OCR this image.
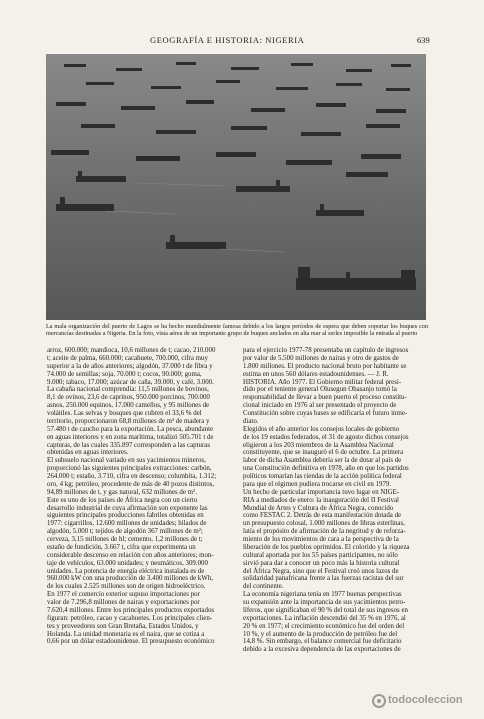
GEOGRAFÍA E HISTORIA: NIGERIA	639
La mala organización del puerto de Lagos se ha hecho mundialmente famosa debido a los largos períodos de espera que deben soportar los buques con mercancías destinadas a Nigeria. En la foto, vista aérea de un importante grupo de buques anclados en alta mar al serles imposible la entrada al puerto

arroz, 600.000; mandioca, 10,6 millones de t; cacao, 210.000

t; aceite de palma, 660.000; cacahuete, 700.000, cifra muy

superior a la de años anteriores; algodón, 37.000 t de fibra y

74.000 de semillas; soja, 70.000 t; cocos, 90.000; goma,

9.000; tabaco, 17.000; azúcar de caña, 39.000, y café, 3.000.

La cabaña nacional comprendía: 11,5 millones de bovinos,

8,1 de ovinos, 23,6 de caprinos, 950.000 porcinos, 700.000

asnos, 250.000 equinos, 17.000 camellos, y 95 millones de

volátiles. Las selvas y bosques que cubren el 33,6 % del

territorio, proporcionaron 68,8 millones de m³ de madera y

57.480 t de caucho para la exportación. La pesca, abundante

en aguas interiores y en zona marítima, totalizó 505.701 t de

capturas, de las cuales 335.897 corresponden a las capturas

obtenidas en aguas interiores.

El subsuelo nacional variado en sus yacimientos mineros,

proporcionó las siguientes principales extracciones: carbón,

264.000 t; estaño, 3.710, cifra en descenso; columbita, 1.312;

oro, 4 kg; petróleo, procedente de más de 40 pozos distintos,

94,89 millones de t, y gas natural, 632 millones de m³.

Este es uno de los países de África negra con un cierto

desarrollo industrial de cuya afirmación son exponente las

siguientes principales producciones fabriles obtenidas en

1977: cigarrillos, 12.600 millones de unidades; hilados de

algodón, 5.000 t; tejidos de algodón 367 millones de m²;

cerveza, 3,15 millones de hl; cemento, 1,2 millones de t;

estaño de fundición, 3.667 t, cifra que experimenta un

considerable descenso en relación con años anteriores; mon-

taje de vehículos, 63.000 unidades; y neumáticos, 309.000

unidades. La potencia de energía eléctrica instalada es de

960.000 kW con una producción de 3.400 millones de kWh,

de los cuales 2.525 millones son de origen hidroeléctrico.

En 1977 el comercio exterior supuso importaciones por

valor de 7.296,8 millones de nairas y exportaciones por

7.620,4 millones. Entre los principales productos exportados

figuran: petróleo, cacao y cacahuetes. Los principales clien-

tes y proveedores son Gran Bretaña, Estados Unidos, y

Holanda. La unidad monetaria es el naira, que se cotiza a

0,66 por un dólar estadounidense. El presupuesto económico

para el ejercicio 1977-78 presentaba un capítulo de ingresos

por valor de 5.500 millones de nairas y otro de gastos de

1.800 millones. El producto nacional bruto por habitante se

estima en unos 560 dólares estadounidenses. — J. R.

HISTORIA. Año 1977. El Gobierno militar federal presi-

dido por el teniente general Olusegun Obasanjo tomó la

responsabilidad de llevar a buen puerto el proceso constitu-

cional iniciado en 1976 al ser presentado el proyecto de

Constitución sobre cuyas bases se edificaría el futuro inme-

diato.

Elegidos el año anterior los consejos locales de gobierno

de los 19 estados federados, el 31 de agosto dichos consejos

eligieron a los 203 miembros de la Asamblea Nacional

constituyente, que se inauguró el 6 de octubre. La primera

labor de dicha Asamblea debería ser la de dotar al país de

una Constitución definitiva en 1978, año en que los partidos

políticos tomarían las riendas de la acción política federal

para que el régimen pudiera trocarse en civil en 1979.

Un hecho de particular importancia tuvo lugar en NIGE-

RIA a mediados de enero: la inauguración del II Festival

Mundial de Artes y Cultura de África Negra, conocido

como FESTAC 2. Detrás de esta manifestación dotada de

un presupuesto colosal, 1.000 millones de libras esterlinas,

latía el propósito de afirmación de la negritud y de reforza-

miento de los movimientos de cara a la perspectiva de la

liberación de los pueblos oprimidos. El colorido y la riqueza

cultural aportada por los 55 países participantes, no sólo

sirvió para dar a conocer un poco más la historia cultural

del África Negra, sino que el Festival creó unos lazos de

solidaridad panafricana frente a las fuerzas racistas del sur

del continente.

La economía nigeriana tenía en 1977 buenas perspectivas

su expansión ante la importancia de sus yacimientos petro-

líferos, que significaban el 90 % del total de sus ingresos en

exportaciones. La inflación descendió del 35 % en 1976, al

20 % en 1977; el crecimiento económico fue del orden del

10 %, y el aumento de la producción de petróleo fue del

14,8 %. Sin embargo, el balance comercial fue deficitario

debido a la excesiva dependencia de las exportaciones de

todocoleccion
